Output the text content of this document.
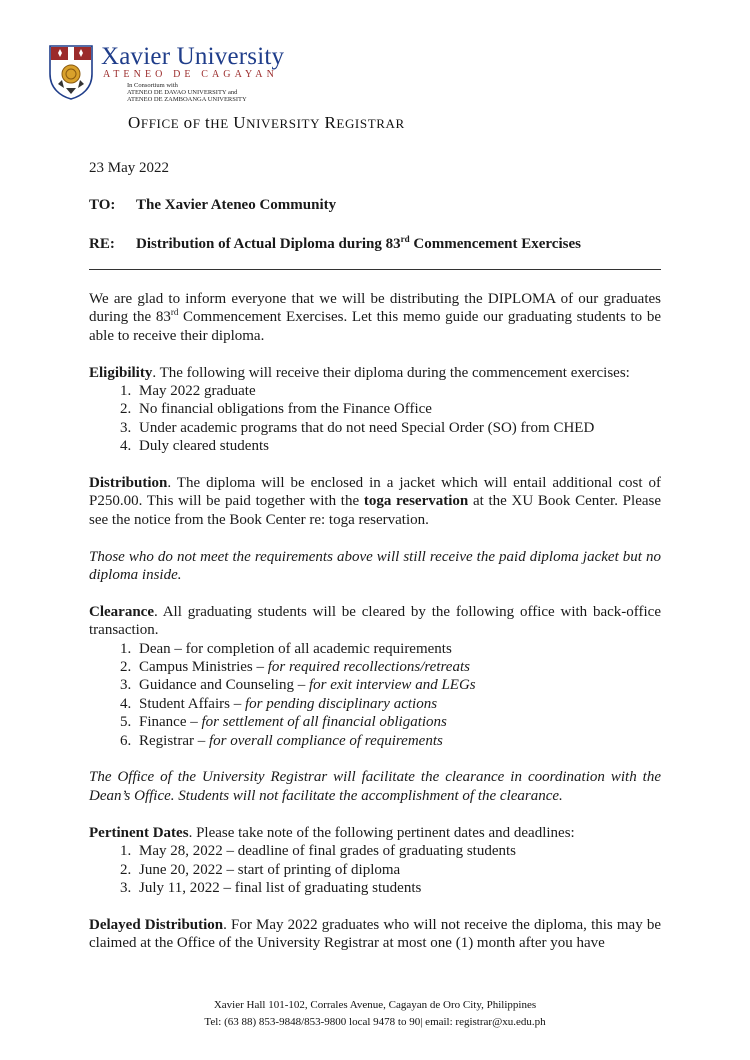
Xavier University
ATENEO DE CAGAYAN
In Consortium with
ATENEO DE DAVAO UNIVERSITY and
ATENEO DE ZAMBOANGA UNIVERSITY
OFFICE oF tHE UNIVERSITY REGISTRAR
23 May 2022
TO: The Xavier Ateneo Community
RE: Distribution of Actual Diploma during 83rd Commencement Exercises

We are glad to inform everyone that we will be distributing the DIPLOMA of our graduates during the 83rd Commencement Exercises. Let this memo guide our graduating students to be able to receive their diploma.

Eligibility. The following will receive their diploma during the commencement exercises:

1. May 2022 graduate
2. No financial obligations from the Finance Office
3. Under academic programs that do not need Special Order (SO) from CHED
4. Duly cleared students

Distribution. The diploma will be enclosed in a jacket which will entail additional cost of P250.00. This will be paid together with the toga reservation at the XU Book Center. Please see the notice from the Book Center re: toga reservation.

Those who do not meet the requirements above will still receive the paid diploma jacket but no diploma inside.

Clearance. All graduating students will be cleared by the following office with back-office transaction.

1. Dean – for completion of all academic requirements
2. Campus Ministries – for required recollections/retreats
3. Guidance and Counseling – for exit interview and LEGs
4. Student Affairs – for pending disciplinary actions
5. Finance – for settlement of all financial obligations
6. Registrar – for overall compliance of requirements

The Office of the University Registrar will facilitate the clearance in coordination with the Dean’s Office. Students will not facilitate the accomplishment of the clearance.

Pertinent Dates. Please take note of the following pertinent dates and deadlines:

1. May 28, 2022 – deadline of final grades of graduating students
2. June 20, 2022 – start of printing of diploma
3. July 11, 2022 – final list of graduating students

Delayed Distribution. For May 2022 graduates who will not receive the diploma, this may be claimed at the Office of the University Registrar at most one (1) month after you have

Xavier Hall 101-102, Corrales Avenue, Cagayan de Oro City, Philippines
Tel: (63 88) 853-9848/853-9800 local 9478 to 90| email: registrar@xu.edu.ph
